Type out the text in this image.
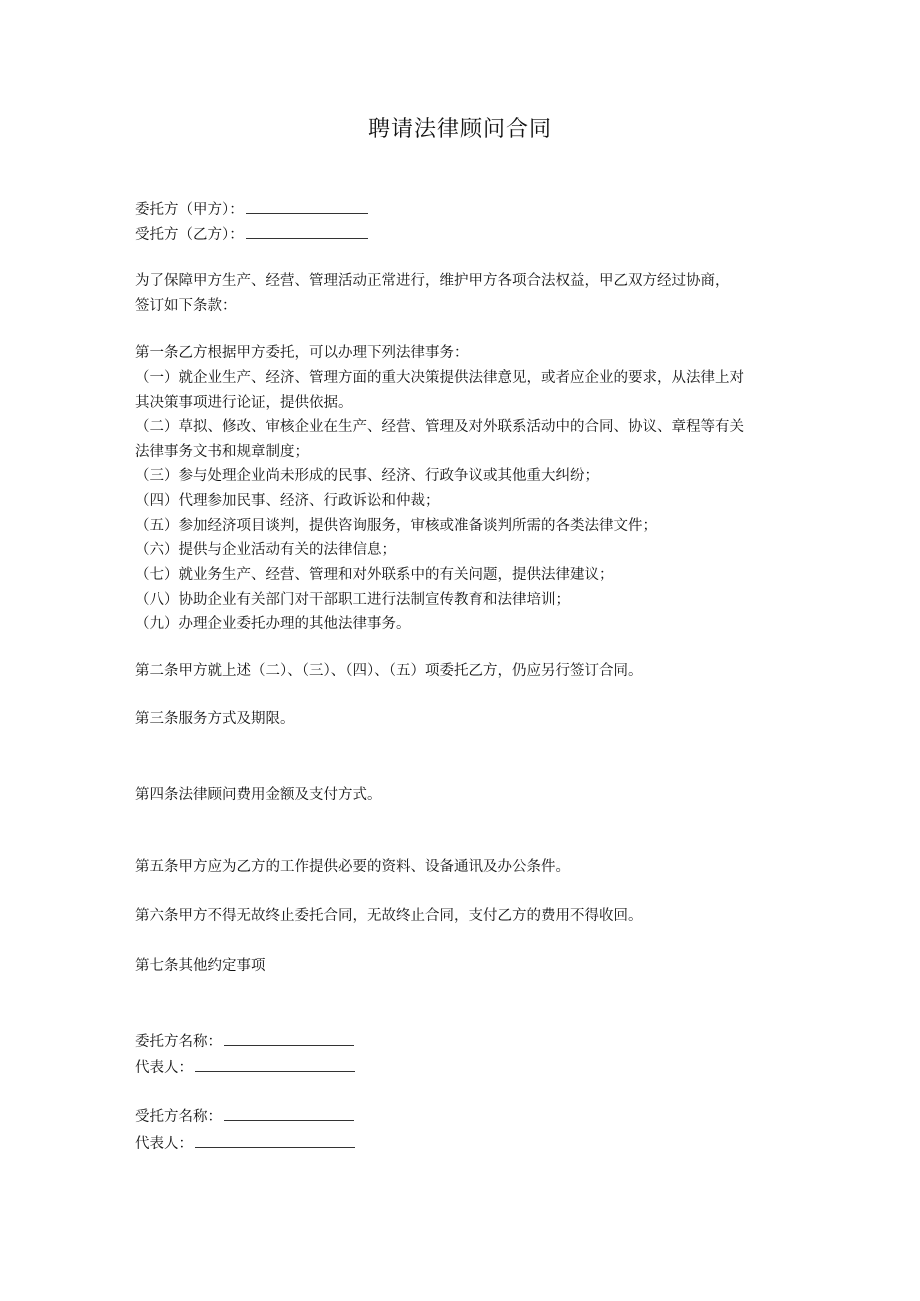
聘请法律顾问合同
委托方（甲方）：
受托方（乙方）：
为了保障甲方生产、经营、管理活动正常进行，维护甲方各项合法权益，甲乙双方经过协商，
签订如下条款：
第一条乙方根据甲方委托，可以办理下列法律事务：
（一）就企业生产、经济、管理方面的重大决策提供法律意见，或者应企业的要求，从法律上对
其决策事项进行论证，提供依据。
（二）草拟、修改、审核企业在生产、经营、管理及对外联系活动中的合同、协议、章程等有关
法律事务文书和规章制度；
（三）参与处理企业尚未形成的民事、经济、行政争议或其他重大纠纷；
（四）代理参加民事、经济、行政诉讼和仲裁；
（五）参加经济项目谈判，提供咨询服务，审核或准备谈判所需的各类法律文件；
（六）提供与企业活动有关的法律信息；
（七）就业务生产、经营、管理和对外联系中的有关问题，提供法律建议；
（八）协助企业有关部门对干部职工进行法制宣传教育和法律培训；
（九）办理企业委托办理的其他法律事务。
第二条甲方就上述（二）、（三）、（四）、（五）项委托乙方，仍应另行签订合同。
第三条服务方式及期限。
第四条法律顾问费用金额及支付方式。
第五条甲方应为乙方的工作提供必要的资料、设备通讯及办公条件。
第六条甲方不得无故终止委托合同，无故终止合同，支付乙方的费用不得收回。
第七条其他约定事项
委托方名称：
代表人：
受托方名称：
代表人：
